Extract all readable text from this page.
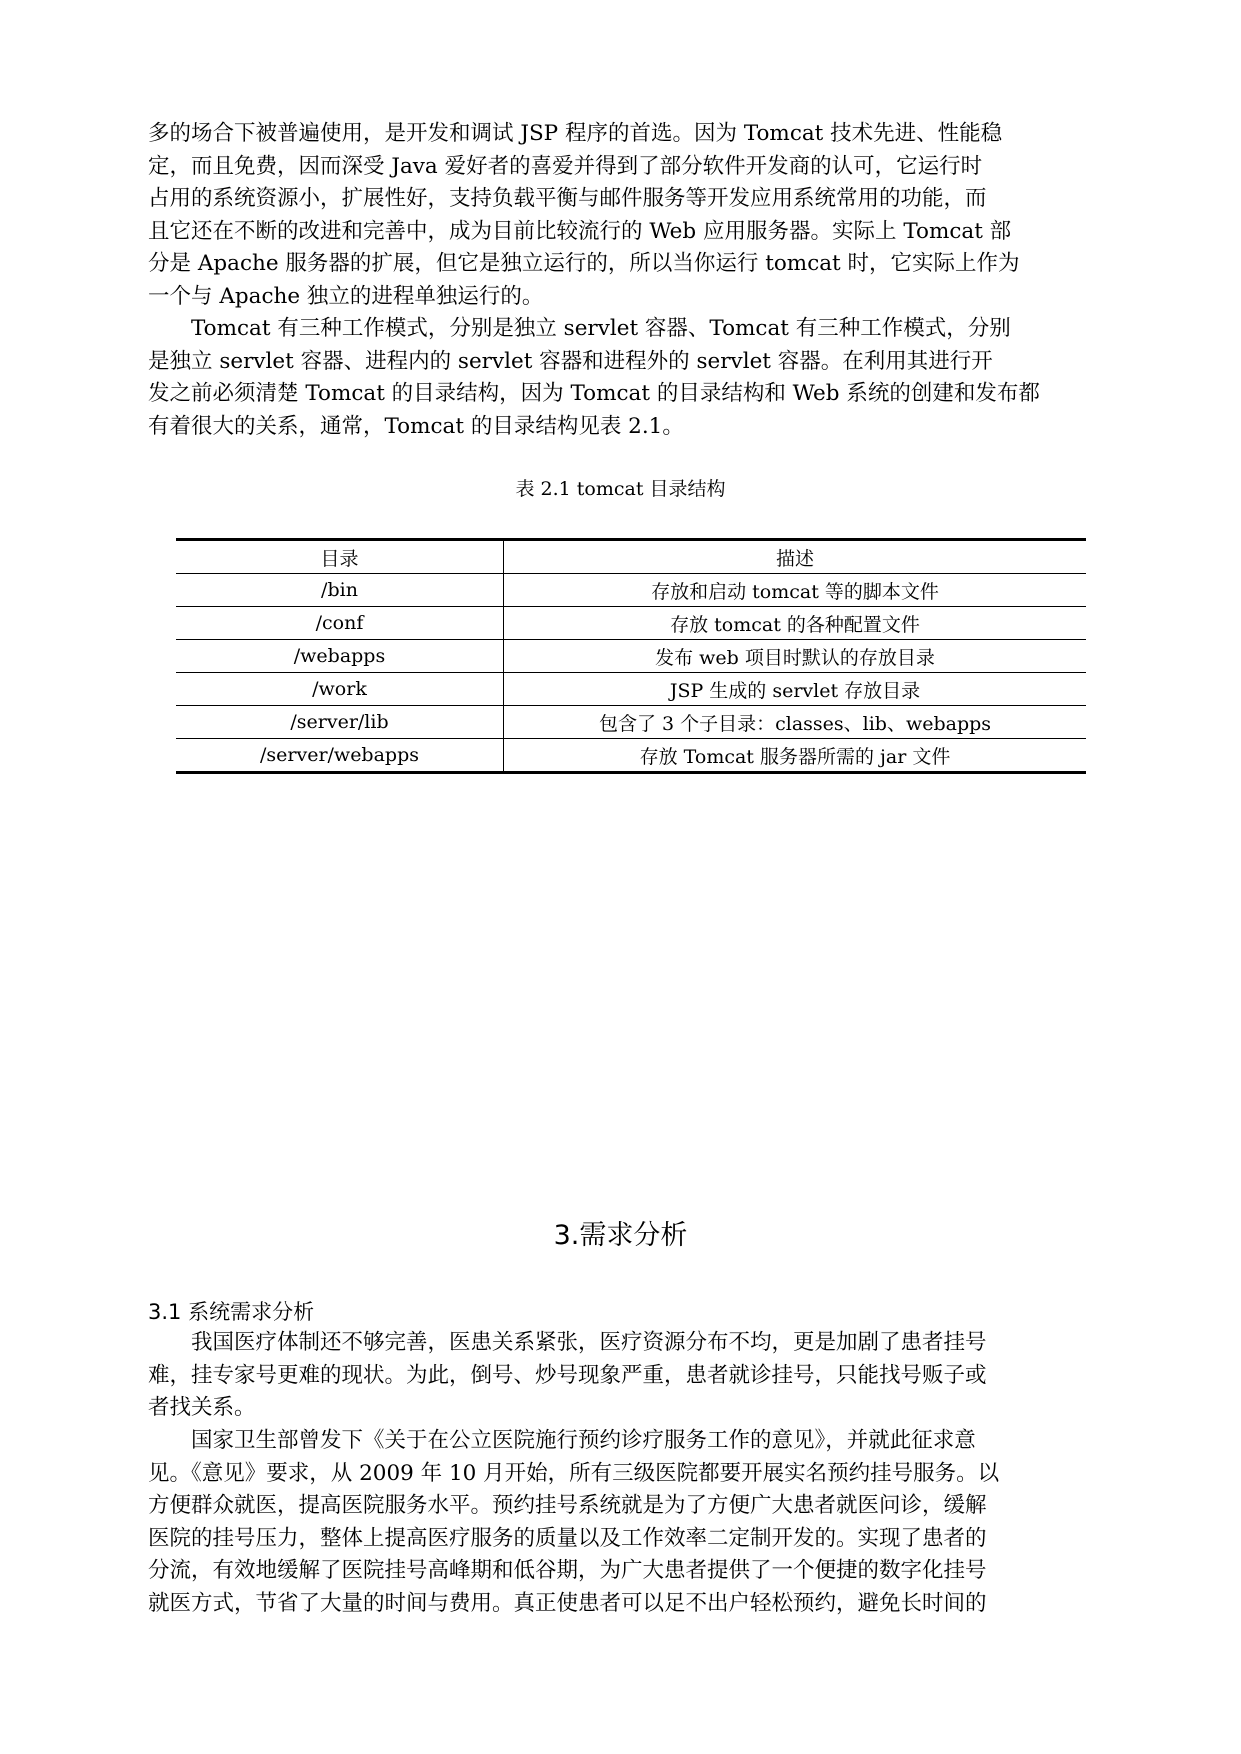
多的场合下被普遍使用，是开发和调试 JSP 程序的首选。因为 Tomcat 技术先进、性能稳
定，而且免费，因而深受 Java 爱好者的喜爱并得到了部分软件开发商的认可，它运行时
占用的系统资源小，扩展性好，支持负载平衡与邮件服务等开发应用系统常用的功能，而
且它还在不断的改进和完善中，成为目前比较流行的 Web 应用服务器。实际上 Tomcat 部
分是 Apache 服务器的扩展，但它是独立运行的，所以当你运行 tomcat 时，它实际上作为
一个与 Apache 独立的进程单独运行的。
　　Tomcat 有三种工作模式，分别是独立 servlet 容器、Tomcat 有三种工作模式，分别
是独立 servlet 容器、进程内的 servlet 容器和进程外的 servlet 容器。在利用其进行开
发之前必须清楚 Tomcat 的目录结构，因为 Tomcat 的目录结构和 Web 系统的创建和发布都
有着很大的关系，通常，Tomcat 的目录结构见表 2.1。
表 2.1 tomcat 目录结构
目录	描述
/bin	存放和启动 tomcat 等的脚本文件
/conf	存放 tomcat 的各种配置文件
/webapps	发布 web 项目时默认的存放目录
/work	JSP 生成的 servlet 存放目录
/server/lib	包含了 3 个子目录：classes、lib、webapps
/server/webapps	存放 Tomcat 服务器所需的 jar 文件
3.需求分析
3.1 系统需求分析
　　我国医疗体制还不够完善，医患关系紧张，医疗资源分布不均，更是加剧了患者挂号
难，挂专家号更难的现状。为此，倒号、炒号现象严重，患者就诊挂号，只能找号贩子或
者找关系。
　　国家卫生部曾发下《关于在公立医院施行预约诊疗服务工作的意见》，并就此征求意
见。《意见》要求，从 2009 年 10 月开始，所有三级医院都要开展实名预约挂号服务。以
方便群众就医，提高医院服务水平。预约挂号系统就是为了方便广大患者就医问诊，缓解
医院的挂号压力，整体上提高医疗服务的质量以及工作效率二定制开发的。实现了患者的
分流，有效地缓解了医院挂号高峰期和低谷期，为广大患者提供了一个便捷的数字化挂号
就医方式，节省了大量的时间与费用。真正使患者可以足不出户轻松预约，避免长时间的
